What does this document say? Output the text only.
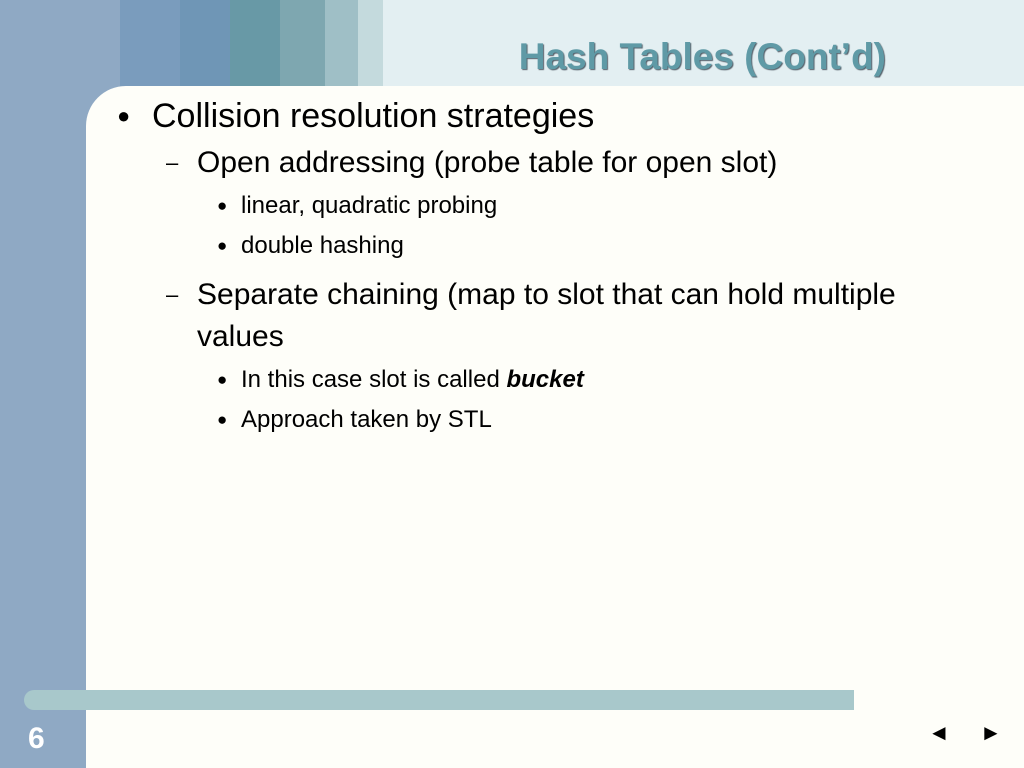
Hash Tables (Cont’d)
● Collision resolution strategies
– Open addressing (probe table for open slot)
● linear, quadratic probing
● double hashing
– Separate chaining (map to slot that can hold multiple values
● In this case slot is called bucket
● Approach taken by STL
6	◄ ►
